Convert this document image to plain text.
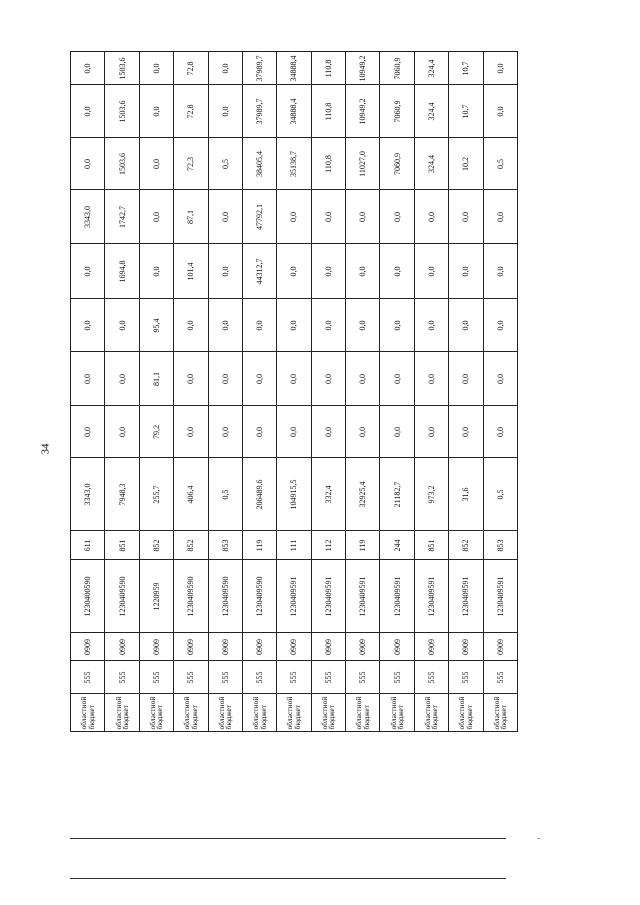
34
	областной бюджет	555	0909	1230400590	611	3343,0	0,0	0,0	0,0	0,0	3343,0	0,0	0,0	0,0
	областной бюджет	555	0909	1230409590	851	7948,3	0,0	0,0	0,0	1694,8	1742,7	1503,6	1503,6	1503,6
	областной бюджет	555	0909	1220959	852	255,7	79,2	81,1	95,4	0,0	0,0	0,0	0,0	0,0
	областной бюджет	555	0909	1230409590	852	406,4	0,0	0,0	0,0	101,4	87,1	72,3	72,8	72,8
	областной бюджет	555	0909	1230409590	853	0,5	0,0	0,0	0,0	0,0	0,0	0,5	0,0	0,0
	областной бюджет	555	0909	1230409590	119	206489,6	0,0	0,0	0,0	44312,7	47792,1	38405,4	37989,7	37989,7
	областной бюджет	555	0909	1230409591	111	104915,5	0,0	0,0	0,0	0,0	0,0	35138,7	34888,4	34888,4
	областной бюджет	555	0909	1230409591	112	332,4	0,0	0,0	0,0	0,0	0,0	110,8	110,8	110,8
	областной бюджет	555	0909	1230409591	119	32925,4	0,0	0,0	0,0	0,0	0,0	11027,0	10949,2	10949,2
	областной бюджет	555	0909	1230409591	244	21182,7	0,0	0,0	0,0	0,0	0,0	7060,9	7060,9	7060,9
	областной бюджет	555	0909	1230409591	851	973,2	0,0	0,0	0,0	0,0	0,0	324,4	324,4	324,4
	областной бюджет	555	0909	1230409591	852	31,6	0,0	0,0	0,0	0,0	0,0	10,2	10,7	10,7
	областной бюджет	555	0909	1230409591	853	0,5	0,0	0,0	0,0	0,0	0,0	0,5	0,0	0,0
